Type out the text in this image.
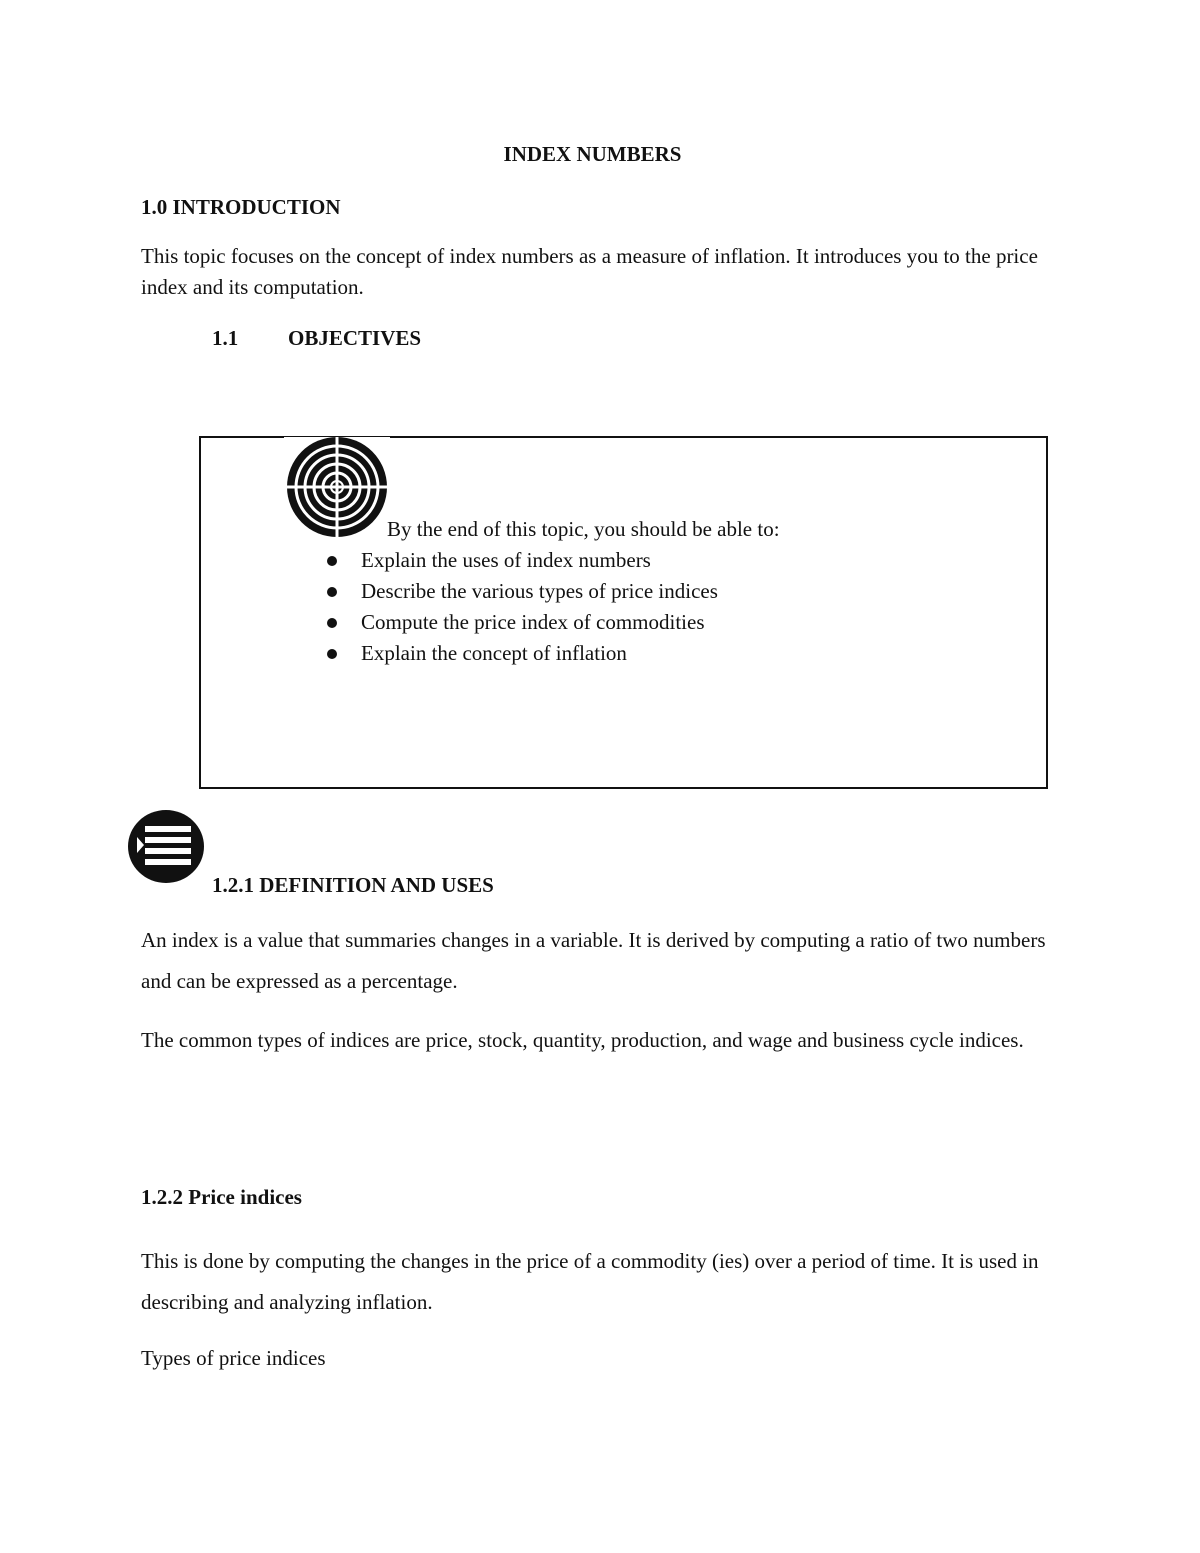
INDEX NUMBERS
1.0 INTRODUCTION
This topic focuses on the concept of index numbers as a measure of inflation. It introduces you to the price index and its computation.
1.1 OBJECTIVES
By the end of this topic, you should be able to:
Explain the uses of index numbers
Describe the various types of price indices
Compute the price index of commodities
Explain the concept of inflation
1.2.1 DEFINITION AND USES
An index is a value that summaries changes in a variable. It is derived by computing a ratio of two numbers and can be expressed as a percentage.
The common types of indices are price, stock, quantity, production, and wage and business cycle indices.
1.2.2 Price indices
This is done by computing the changes in the price of a commodity (ies) over a period of time. It is used in describing and analyzing inflation.
Types of price indices
